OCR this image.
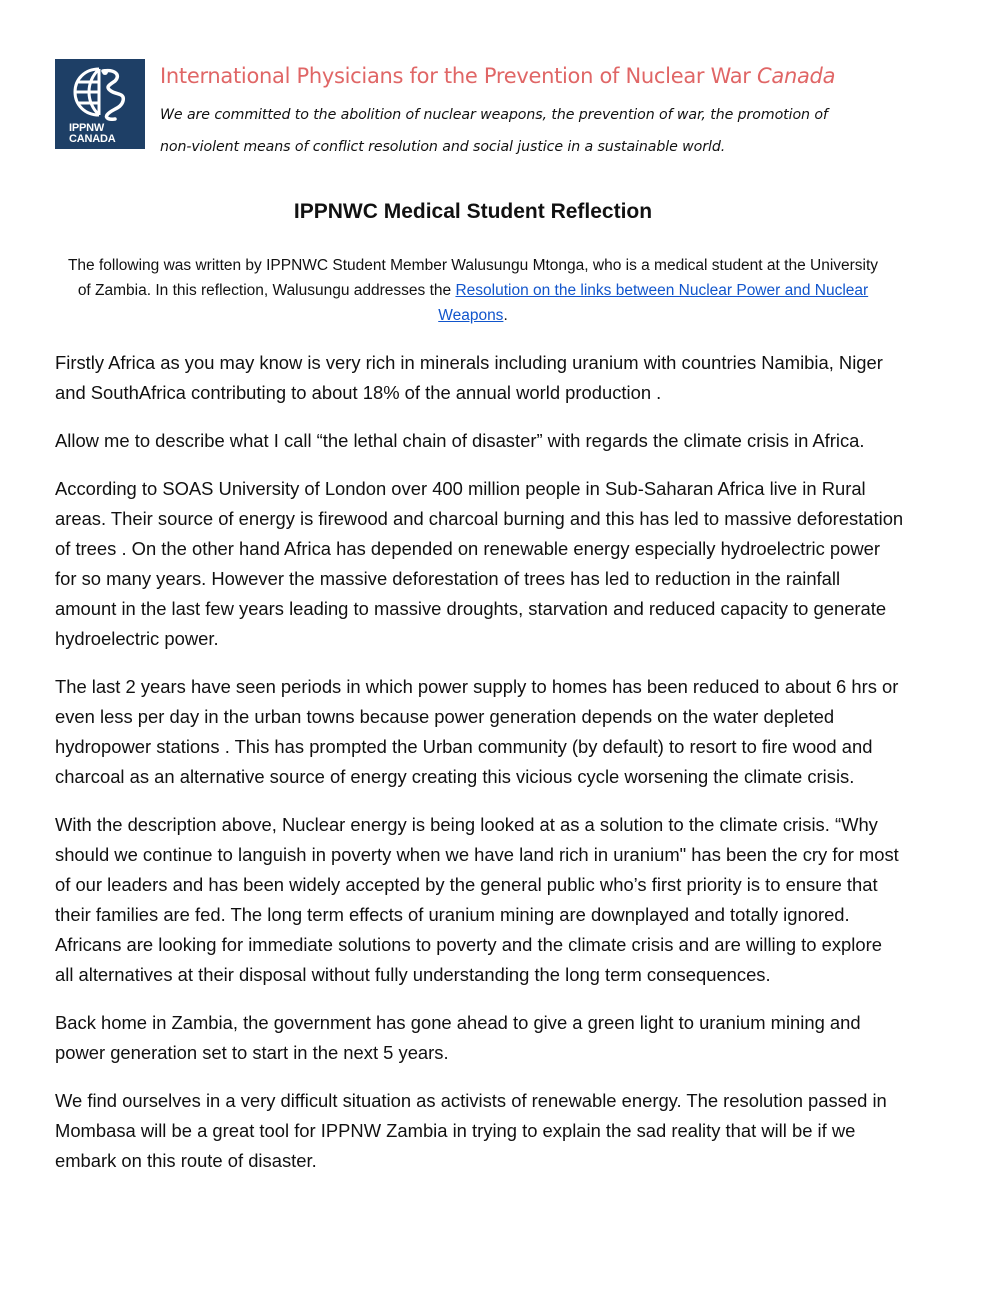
IPPNW
CANADA
International Physicians for the Prevention of Nuclear War Canada
We are committed to the abolition of nuclear weapons, the prevention of war, the promotion of
non-violent means of conflict resolution and social justice in a sustainable world.
IPPNWC Medical Student Reflection
The following was written by IPPNWC Student Member Walusungu Mtonga, who is a medical student at the University of Zambia. In this reflection, Walusungu addresses the Resolution on the links between Nuclear Power and Nuclear Weapons.

Firstly Africa as you may know is very rich in minerals including uranium with countries Namibia, Niger and SouthAfrica contributing to about 18% of the annual world production .

Allow me to describe what I call “the lethal chain of disaster” with regards the climate crisis in Africa.

According to SOAS University of London over 400 million people in Sub-Saharan Africa live in Rural areas. Their source of energy is firewood and charcoal burning and this has led to massive deforestation of trees . On the other hand Africa has depended on renewable energy especially hydroelectric power for so many years. However the massive deforestation of trees has led to reduction in the rainfall amount in the last few years leading to massive droughts, starvation and reduced capacity to generate hydroelectric power.

The last 2 years have seen periods in which power supply to homes has been reduced to about 6 hrs or even less per day in the urban towns because power generation depends on the water depleted hydropower stations . This has prompted the Urban community (by default) to resort to fire wood and charcoal as an alternative source of energy creating this vicious cycle worsening the climate crisis.

With the description above, Nuclear energy is being looked at as a solution to the climate crisis. “Why should we continue to languish in poverty when we have land rich in uranium" has been the cry for most of our leaders and has been widely accepted by the general public who’s first priority is to ensure that their families are fed. The long term effects of uranium mining are downplayed and totally ignored. Africans are looking for immediate solutions to poverty and the climate crisis and are willing to explore all alternatives at their disposal without fully understanding the long term consequences.

Back home in Zambia, the government has gone ahead to give a green light to uranium mining and power generation set to start in the next 5 years.

We find ourselves in a very difficult situation as activists of renewable energy. The resolution passed in Mombasa will be a great tool for IPPNW Zambia in trying to explain the sad reality that will be if we embark on this route of disaster.
